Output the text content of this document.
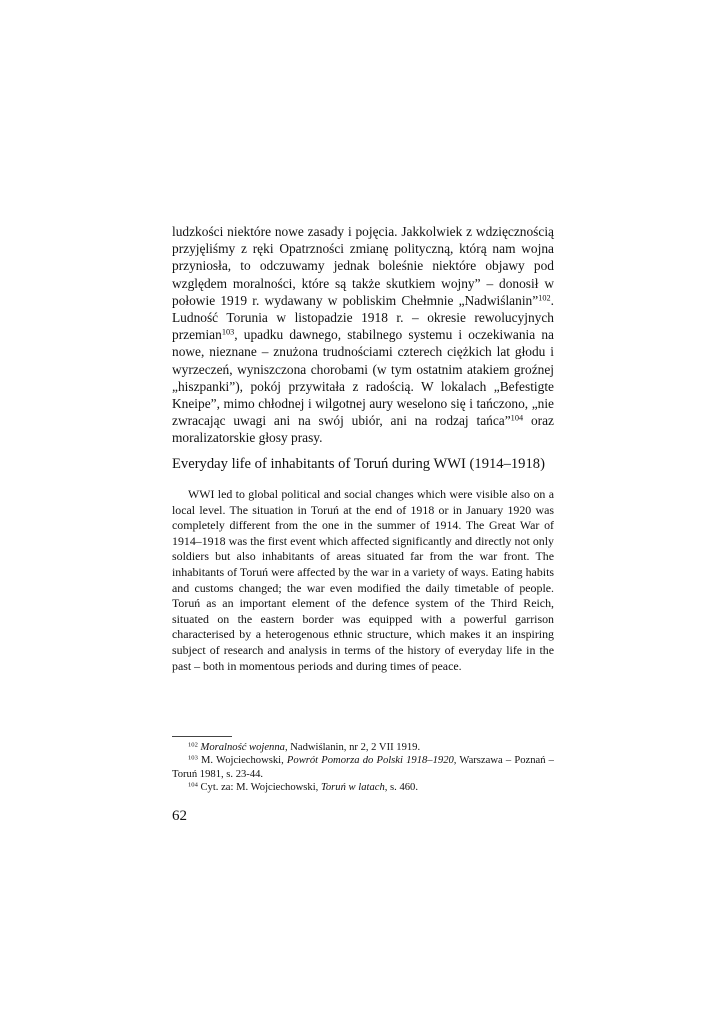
ludzkości niektóre nowe zasady i pojęcia. Jakkolwiek z wdzięcznością przyjęliśmy z ręki Opatrzności zmianę polityczną, którą nam wojna przyniosła, to odczuwamy jednak boleśnie niektóre objawy pod względem moralności, które są także skutkiem wojny” – donosił w połowie 1919 r. wydawany w pobliskim Chełmnie „Nadwiślanin”$^{102}$. Ludność Torunia w listopadzie 1918 r. – okresie rewolucyjnych przemian$^{103}$, upadku dawnego, stabilnego systemu i oczekiwania na nowe, nieznane – znużona trudnościami czterech ciężkich lat głodu i wyrzeczeń, wyniszczona chorobami (w tym ostatnim atakiem groźnej „hiszpanki”), pokój przywitała z radością. W lokalach „Befestigte Kneipe”, mimo chłodnej i wilgotnej aury weselono się i tańczono, „nie zwracając uwagi ani na swój ubiór, ani na rodzaj tańca”$^{104}$ oraz moralizatorskie głosy prasy.

Everyday life of inhabitants of Toruń during WWI (1914–1918)

WWI led to global political and social changes which were visible also on a local level. The situation in Toruń at the end of 1918 or in January 1920 was completely different from the one in the summer of 1914. The Great War of 1914–1918 was the first event which affected significantly and directly not only soldiers but also inhabitants of areas situated far from the war front. The inhabitants of Toruń were affected by the war in a variety of ways. Eating habits and customs changed; the war even modified the daily timetable of people. Toruń as an important element of the defence system of the Third Reich, situated on the eastern border was equipped with a powerful garrison characterised by a heterogenous ethnic structure, which makes it an inspiring subject of research and analysis in terms of the history of everyday life in the past – both in momentous periods and during times of peace.

$^{102}$ Moralność wojenna, Nadwiślanin, nr 2, 2 VII 1919.

$^{103}$ M. Wojciechowski, Powrót Pomorza do Polski 1918–1920, Warszawa – Poznań – Toruń 1981, s. 23-44.

$^{104}$ Cyt. za: M. Wojciechowski, Toruń w latach, s. 460.

62
